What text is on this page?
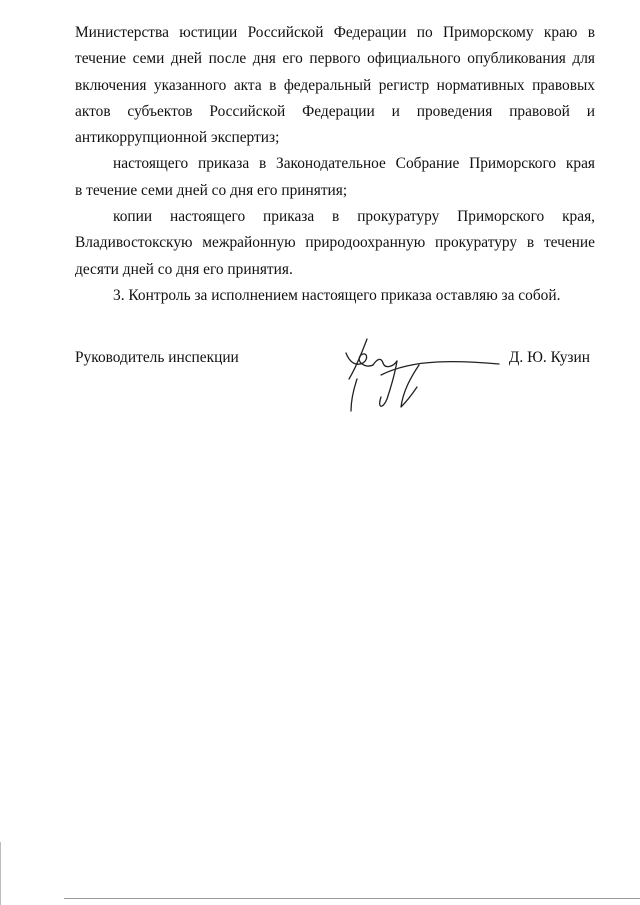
Министерства юстиции Российской Федерации по Приморскому краю в
течение семи дней после дня его первого официального опубликования для
включения указанного акта в федеральный регистр нормативных правовых
актов субъектов Российской Федерации и проведения правовой и
антикоррупционной экспертиз;
настоящего приказа в Законодательное Собрание Приморского края
в течение семи дней со дня его принятия;
копии настоящего приказа в прокуратуру Приморского края,
Владивостокскую межрайонную природоохранную прокуратуру в течение
десяти дней со дня его принятия.
3. Контроль за исполнением настоящего приказа оставляю за собой.
Руководитель инспекции	Д. Ю. Кузин
